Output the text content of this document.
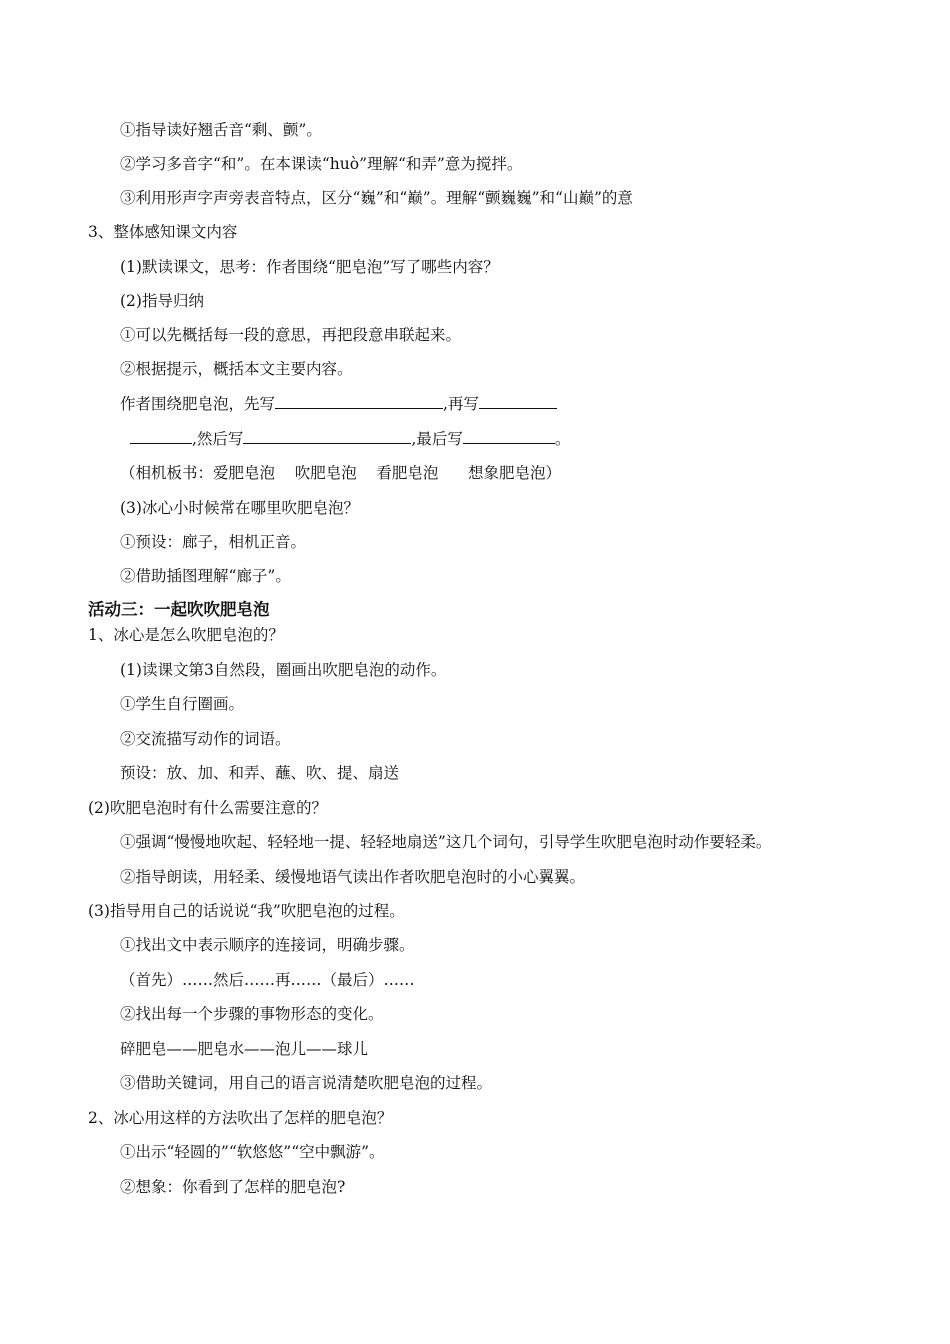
①指导读好翘舌音“剩、颤”。
②学习多音字“和”。在本课读“huò”理解“和弄”意为搅拌。
③利用形声字声旁表音特点，区分“巍”和“巅”。理解“颤巍巍”和“山巅”的意
3、整体感知课文内容
(1)默读课文，思考：作者围绕“肥皂泡”写了哪些内容？
(2)指导归纳
①可以先概括每一段的意思，再把段意串联起来。
②根据提示，概括本文主要内容。
作者围绕肥皂泡，先写	,再写
,然后写	,最后写	。
（相机板书：爱肥皂泡    吹肥皂泡    看肥皂泡      想象肥皂泡）
(3)冰心小时候常在哪里吹肥皂泡？
①预设：廊子，相机正音。
②借助插图理解“廊子”。
活动三：一起吹吹肥皂泡
1、冰心是怎么吹肥皂泡的？
(1)读课文第3自然段，圈画出吹肥皂泡的动作。
①学生自行圈画。
②交流描写动作的词语。
预设：放、加、和弄、蘸、吹、提、扇送
(2)吹肥皂泡时有什么需要注意的？
①强调“慢慢地吹起、轻轻地一提、轻轻地扇送”这几个词句，引导学生吹肥皂泡时动作要轻柔。
②指导朗读，用轻柔、缓慢地语气读出作者吹肥皂泡时的小心翼翼。
(3)指导用自己的话说说“我”吹肥皂泡的过程。
①找出文中表示顺序的连接词，明确步骤。
（首先）……然后……再……（最后）……
②找出每一个步骤的事物形态的变化。
碎肥皂——肥皂水——泡儿——球儿
③借助关键词，用自己的语言说清楚吹肥皂泡的过程。
2、冰心用这样的方法吹出了怎样的肥皂泡？
①出示“轻圆的”“软悠悠”“空中飘游”。
②想象：你看到了怎样的肥皂泡?
